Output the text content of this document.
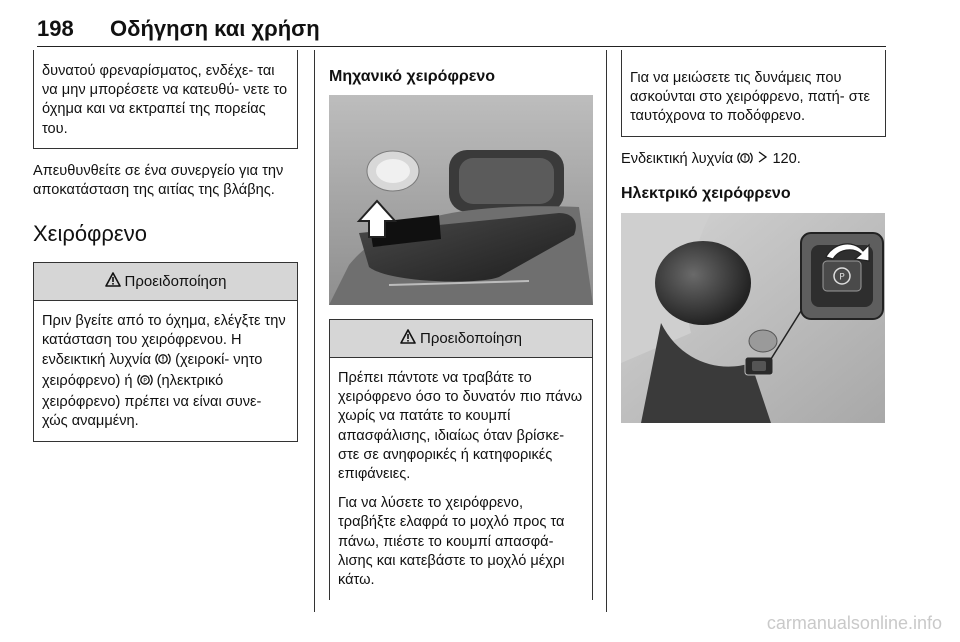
198 Οδήγηση και χρήση
δυνατού φρεναρίσματος, ενδέχε- ται να μην μπορέσετε να κατευθύ- νετε το όχημα και να εκτραπεί της πορείας του.

Απευθυνθείτε σε ένα συνεργείο για την αποκατάσταση της αιτίας της βλάβης.

Χειρόφρενο
Προειδοποίηση

Πριν βγείτε από το όχημα, ελέγξτε την κατάσταση του χειρόφρενου. Η ενδεικτική λυχνία (χειροκί- νητο χειρόφρενο) ή P (ηλεκτρικό χειρόφρενο) πρέπει να είναι συνε- χώς αναμμένη.

Μηχανικό χειρόφρενο
Προειδοποίηση

Πρέπει πάντοτε να τραβάτε το χειρόφρενο όσο το δυνατόν πιο πάνω χωρίς να πατάτε το κουμπί απασφάλισης, ιδιαίως όταν βρίσκε- στε σε ανηφορικές ή κατηφορικές επιφάνειες.

Για να λύσετε το χειρόφρενο, τραβήξτε ελαφρά το μοχλό προς τα πάνω, πιέστε το κουμπί απασφά- λισης και κατεβάστε το μοχλό μέχρι κάτω.

Για να μειώσετε τις δυνάμεις που ασκούνται στο χειρόφρενο, πατή- στε ταυτόχρονα το ποδόφρενο.

Ενδεικτική λυχνία	120.

Ηλεκτρικό χειρόφρενο
P
carmanualsonline.info
